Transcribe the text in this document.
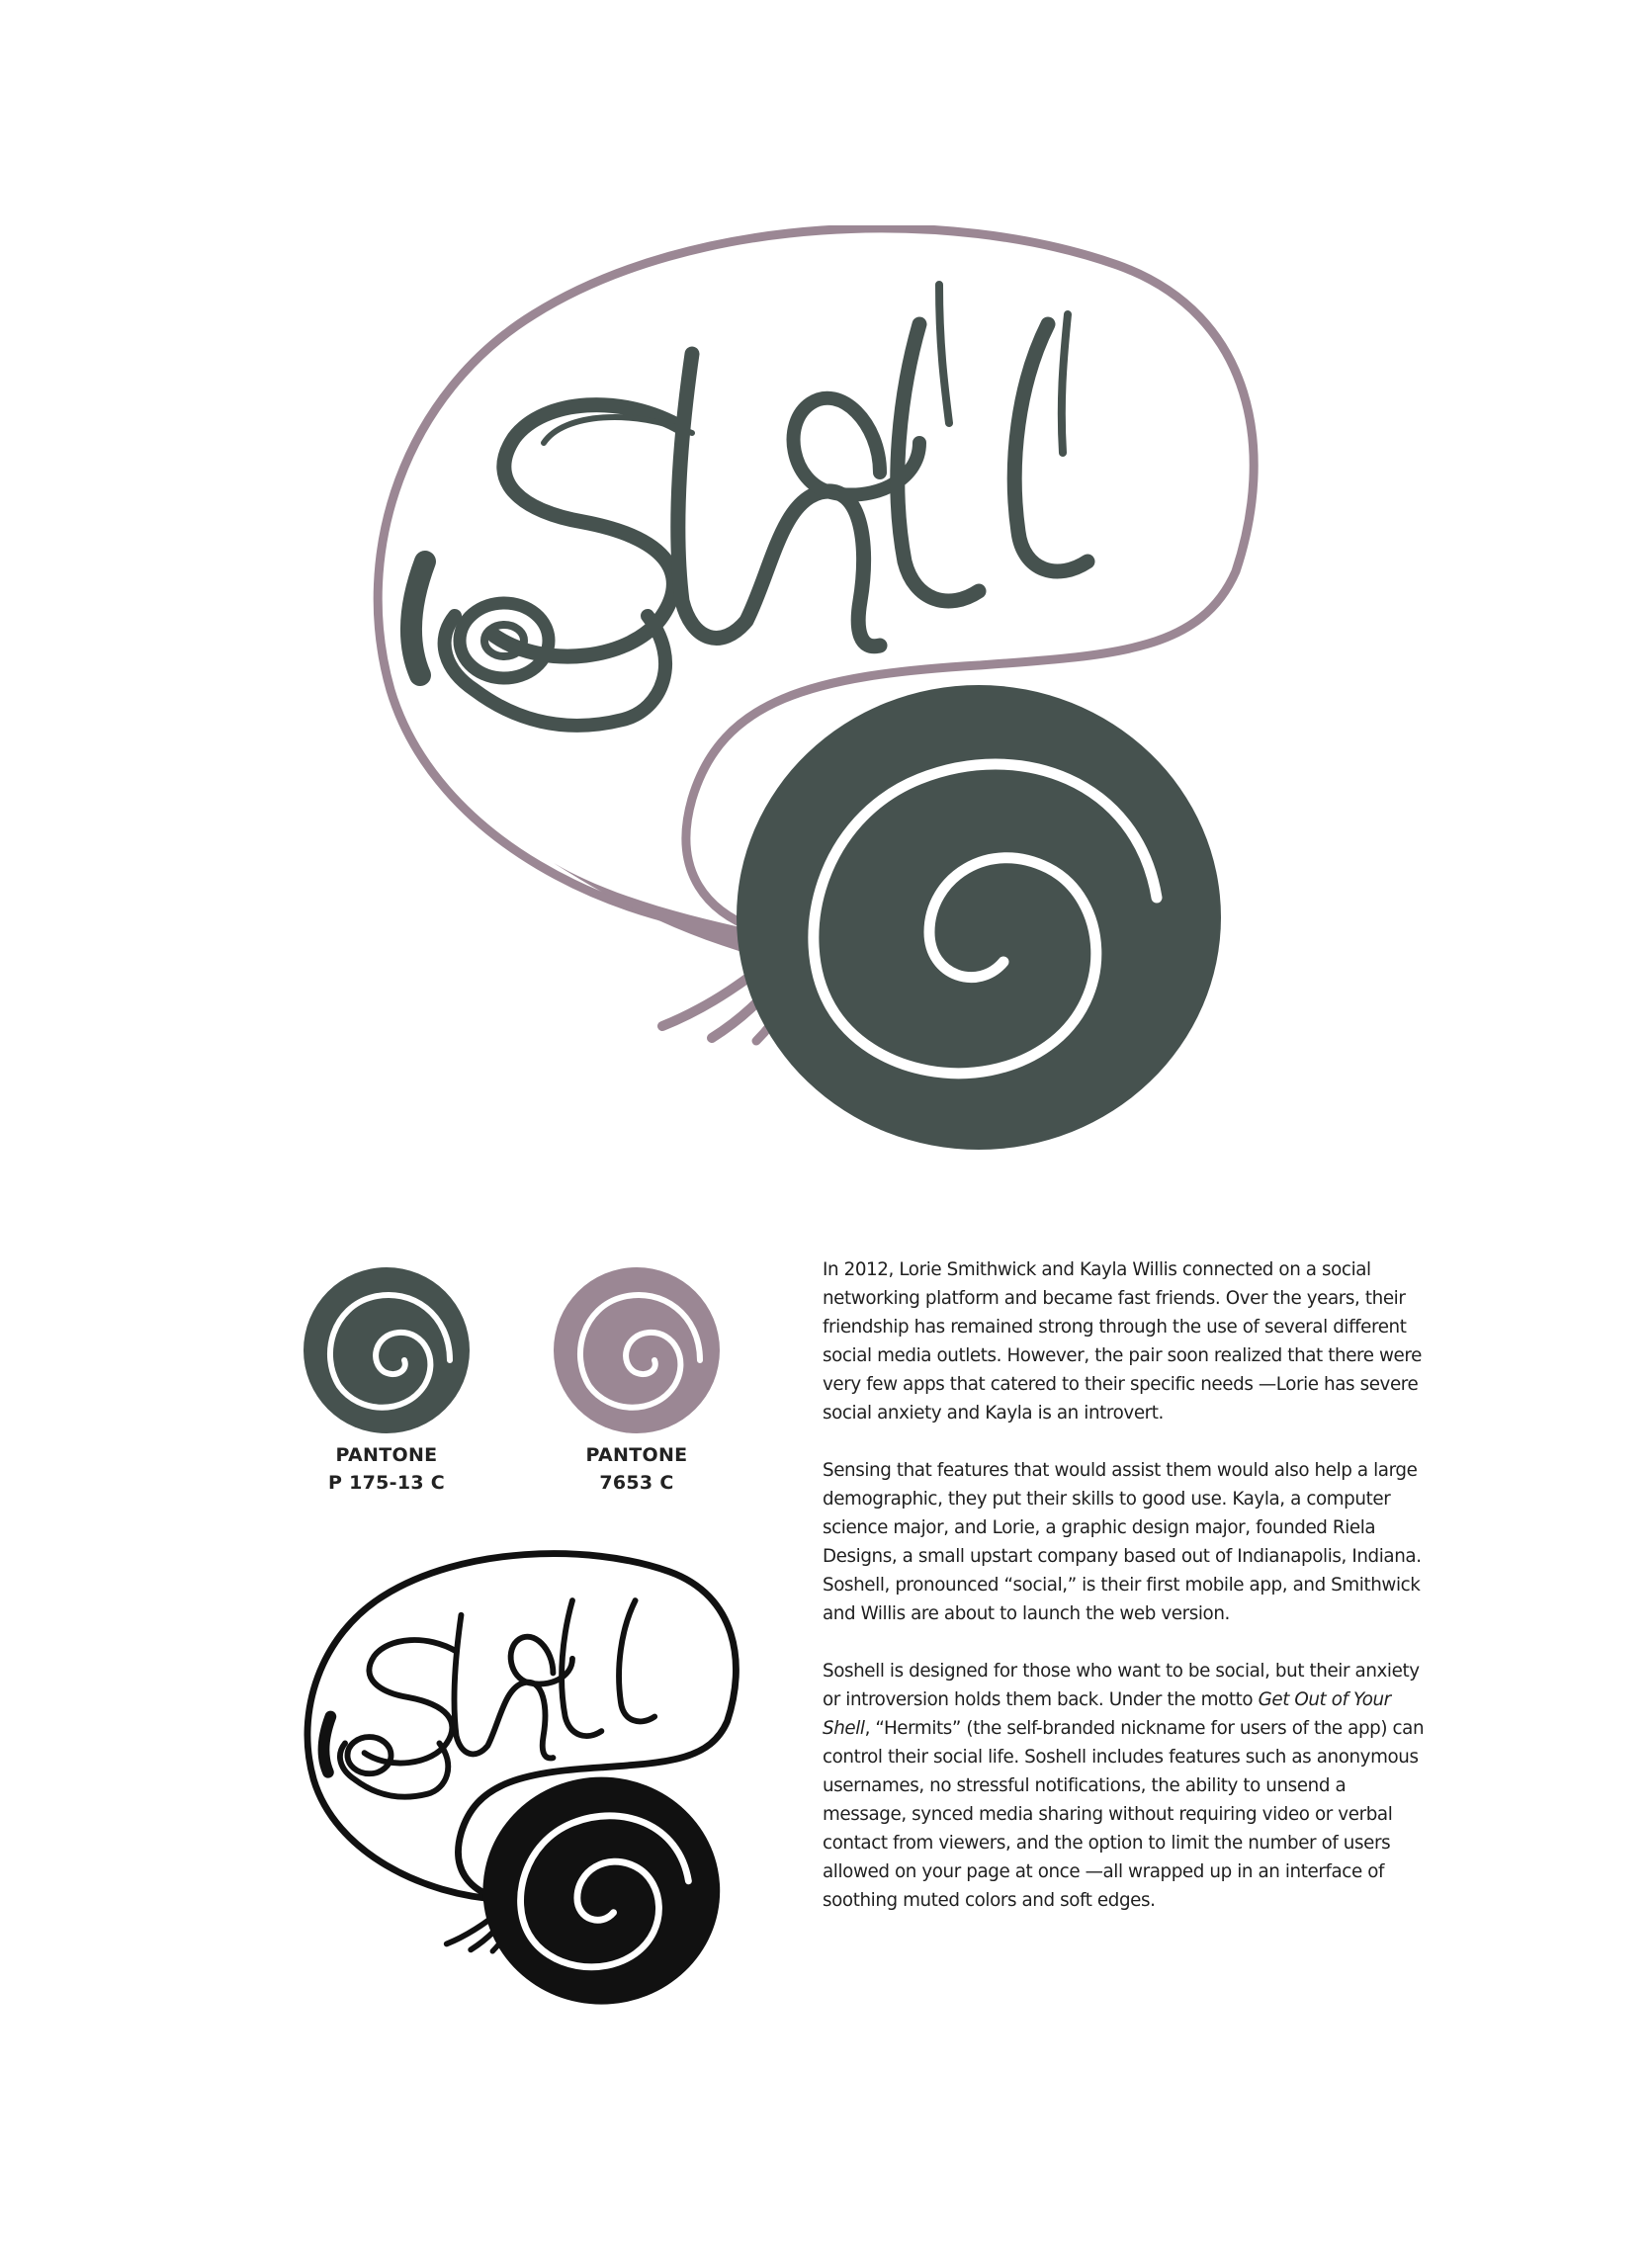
PANTONE
P 175-13 C
PANTONE
7653 C

In 2012, Lorie Smithwick and Kayla Willis connected on a social networking platform and became fast friends. Over the years, their friendship has remained strong through the use of several different social media outlets. However, the pair soon realized that there were very few apps that catered to their specific needs —Lorie has severe social anxiety and Kayla is an introvert.

Sensing that features that would assist them would also help a large demographic, they put their skills to good use. Kayla, a computer science major, and Lorie, a graphic design major, founded Riela Designs, a small upstart company based out of Indianapolis, Indiana. Soshell, pronounced “social,” is their first mobile app, and Smithwick and Willis are about to launch the web version.

Soshell is designed for those who want to be social, but their anxiety or introversion holds them back. Under the motto Get Out of Your Shell, “Hermits” (the self-branded nickname for users of the app) can control their social life. Soshell includes features such as anonymous usernames, no stressful notifications, the ability to unsend a message, synced media sharing without requiring video or verbal contact from viewers, and the option to limit the number of users allowed on your page at once —all wrapped up in an interface of soothing muted colors and soft edges.
